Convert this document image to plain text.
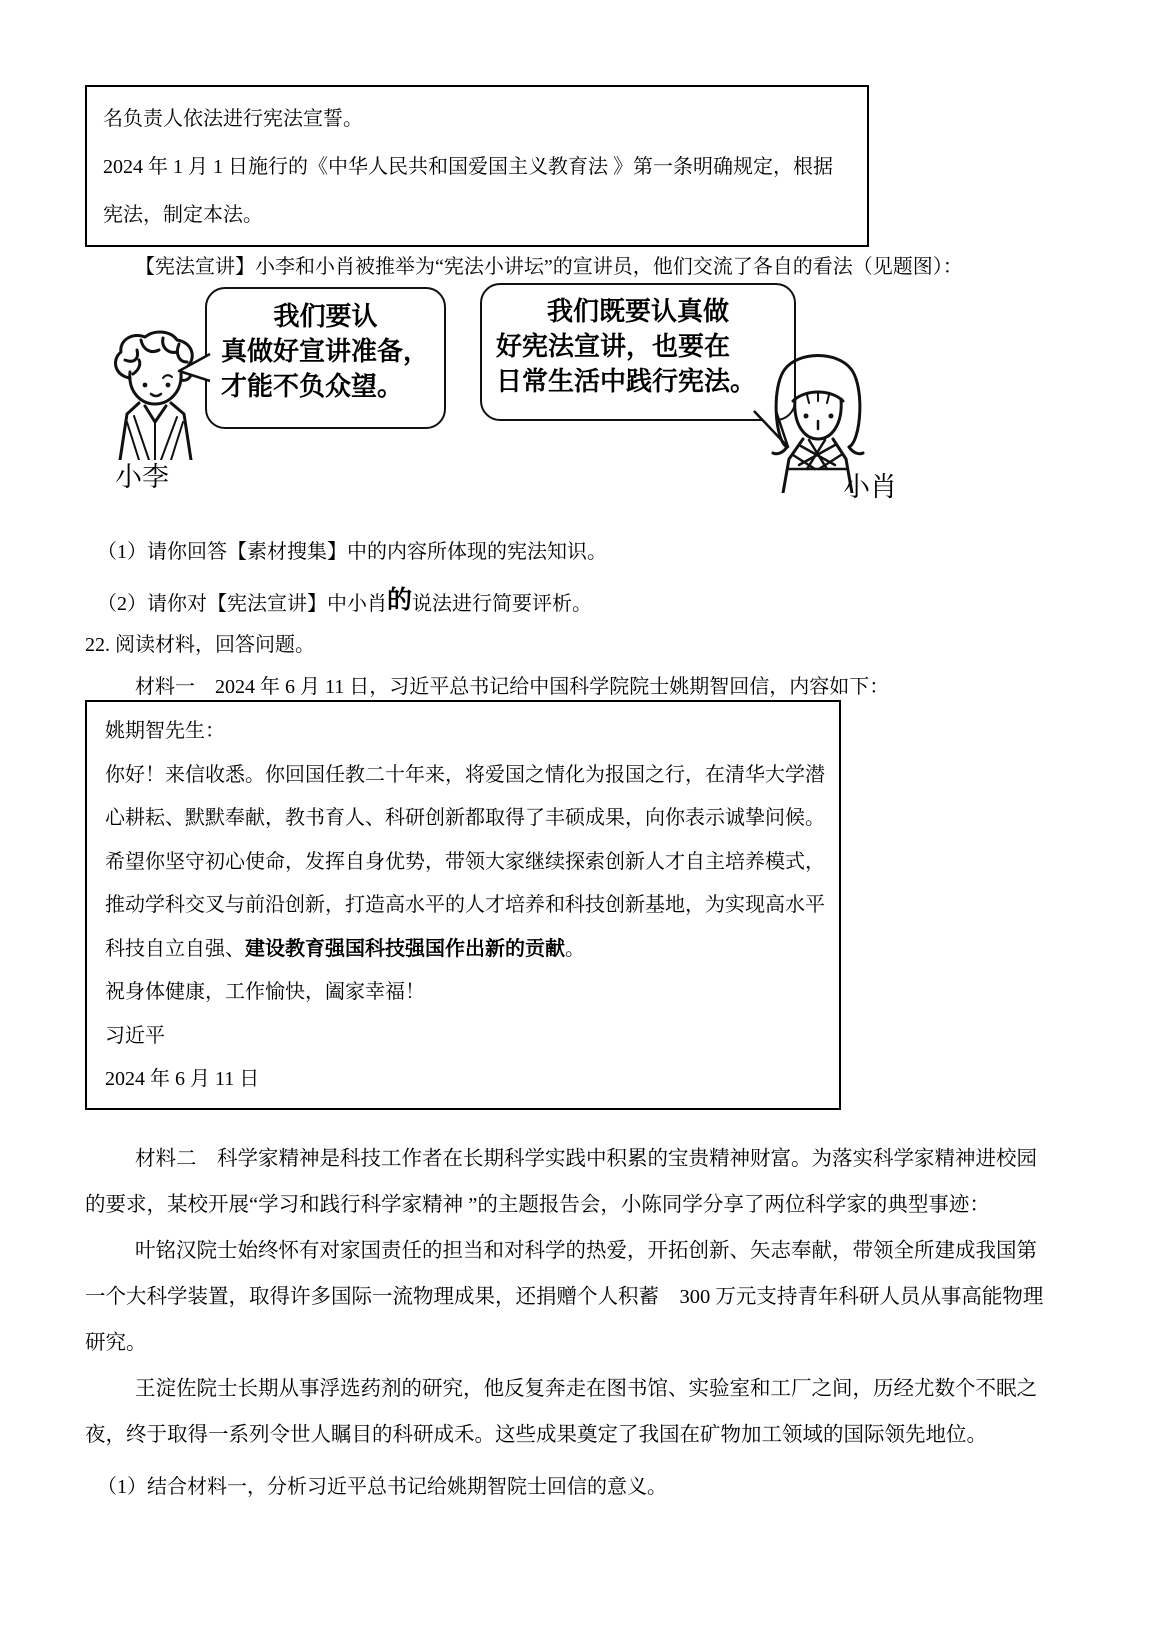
名负责人依法进行宪法宣誓。
2024 年 1 月 1 日施行的《中华人民共和国爱国主义教育法 》第一条明确规定，根据
宪法，制定本法。
【宪法宣讲】小李和小肖被推举为“宪法小讲坛”的宣讲员，他们交流了各自的看法（见题图）：
小李
我们要认
真做好宣讲准备，
才能不负众望。
我们既要认真做
好宪法宣讲，也要在
日常生活中践行宪法。
小肖
（1）请你回答【素材搜集】中的内容所体现的宪法知识。
（2）请你对【宪法宣讲】中小肖的说法进行简要评析。
22. 阅读材料，回答问题。
材料一　2024 年 6 月 11 日，习近平总书记给中国科学院院士姚期智回信，内容如下：
姚期智先生：
你好！来信收悉。你回国任教二十年来，将爱国之情化为报国之行，在清华大学潜
心耕耘、默默奉献，教书育人、科研创新都取得了丰硕成果，向你表示诚挚问候。
希望你坚守初心使命，发挥自身优势，带领大家继续探索创新人才自主培养模式，
推动学科交叉与前沿创新，打造高水平的人才培养和科技创新基地，为实现高水平
科技自立自强、建设教育强国科技强国作出新的贡献。
祝身体健康，工作愉快，阖家幸福！
习近平
2024 年 6 月 11 日
材料二　科学家精神是科技工作者在长期科学实践中积累的宝贵精神财富。为落实科学家精神进校园
的要求，某校开展“学习和践行科学家精神 ”的主题报告会，小陈同学分享了两位科学家的典型事迹：
叶铭汉院士始终怀有对家国责任的担当和对科学的热爱，开拓创新、矢志奉献，带领全所建成我国第
一个大科学装置，取得许多国际一流物理成果，还捐赠个人积蓄　300 万元支持青年科研人员从事高能物理
研究。
王淀佐院士长期从事浮选药剂的研究，他反复奔走在图书馆、实验室和工厂之间，历经尤数个不眠之
夜，终于取得一系列令世人瞩目的科研成禾。这些成果奠定了我国在矿物加工领域的国际领先地位。
（1）结合材料一，分析习近平总书记给姚期智院士回信的意义。
